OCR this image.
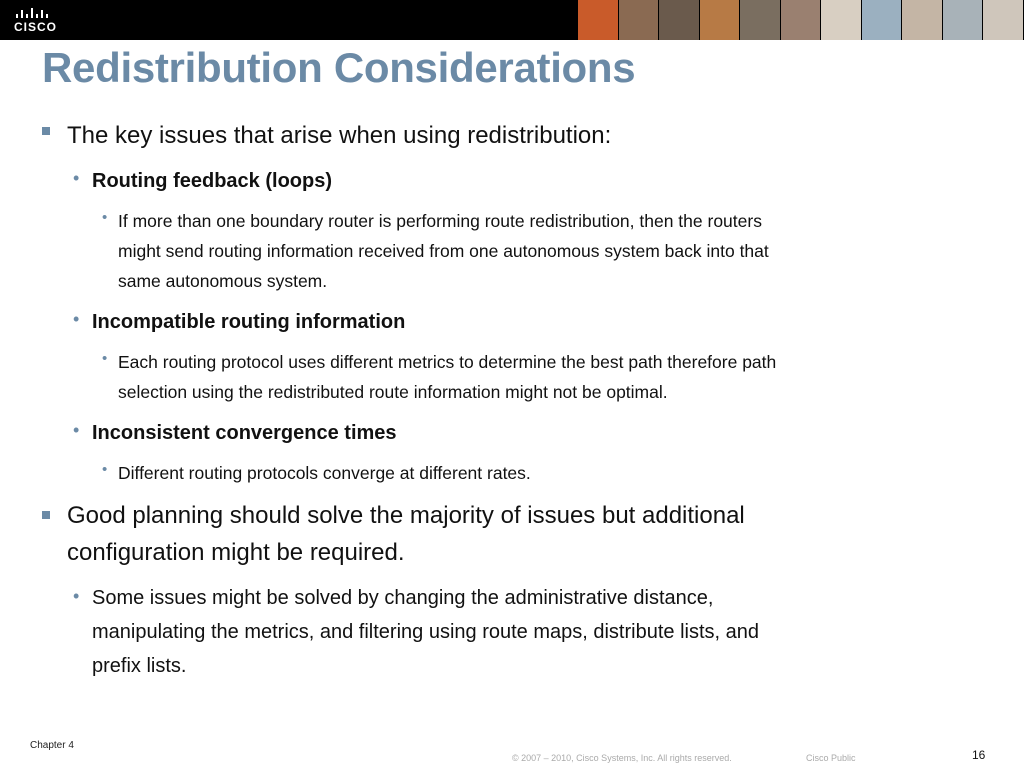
CISCO
Redistribution Considerations
The key issues that arise when using redistribution:
• Routing feedback (loops)
• If more than one boundary router is performing route redistribution, then the routers
might send routing information received from one autonomous system back into that
same autonomous system.
• Incompatible routing information
• Each routing protocol uses different metrics to determine the best path therefore path
selection using the redistributed route information might not be optimal.
• Inconsistent convergence times
• Different routing protocols converge at different rates.
Good planning should solve the majority of issues but additional
configuration might be required.
• Some issues might be solved by changing the administrative distance,
manipulating the metrics, and filtering using route maps, distribute lists, and
prefix lists.
Chapter 4
© 2007 – 2010, Cisco Systems, Inc. All rights reserved.	Cisco Public	16
